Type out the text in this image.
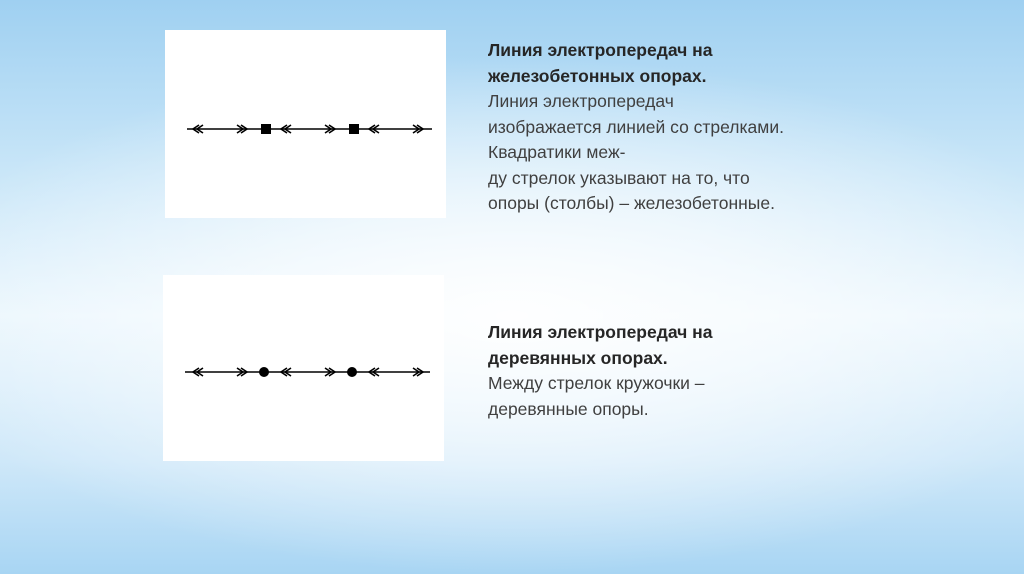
Линия электропередач на
железобетонных опорах.
Линия электропередач
изображается линией со стрелками.
Квадратики меж-
ду стрелок указывают на то, что
опоры (столбы) – железобетонные.
Линия электропередач на
деревянных опорах.
Между стрелок кружочки –
деревянные опоры.
